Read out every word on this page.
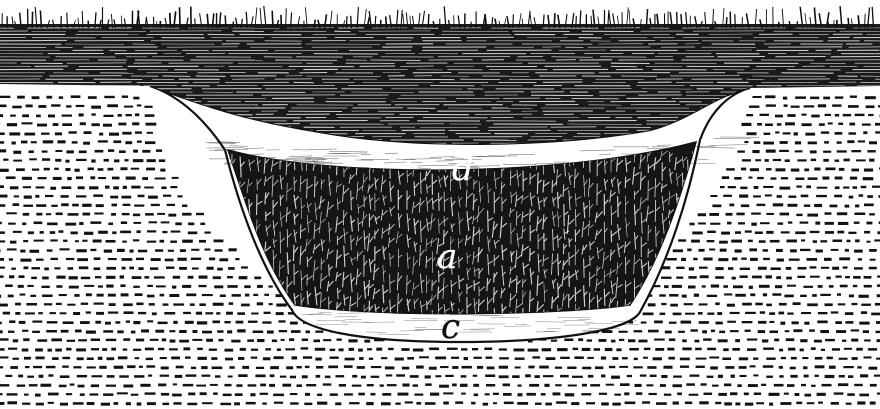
d
a
c
